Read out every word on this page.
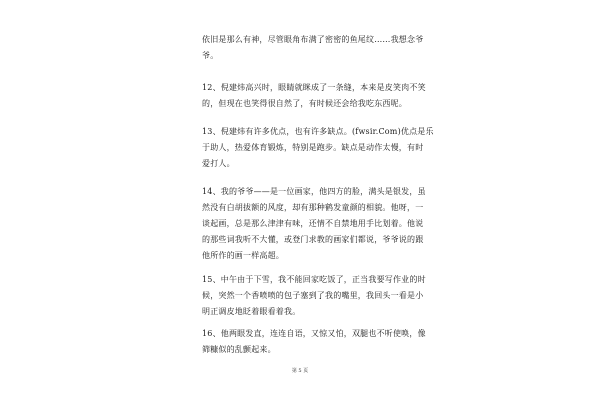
依旧是那么有神，尽管眼角布满了密密的鱼尾纹……我想念爷
爷。
12、倪建炜高兴时，眼睛就眯成了一条缝，本来是皮笑肉不笑
的，但现在也笑得很自然了，有时候还会给我吃东西呢。
13、倪建炜有许多优点，也有许多缺点。(fwsir.Com)优点是乐
于助人，热爱体育锻炼，特别是跑步。缺点是动作太慢，有时
爱打人。
14、我的爷爷——是一位画家，他四方的脸，满头是银发，虽
然没有白胡拔额的风度，却有那种鹤发童颜的相貌。他呀，一
谈起画，总是那么津津有味，还情不自禁地用手比划着。他说
的那些词我听不大懂，或登门求教的画家们都说，爷爷说的跟
他所作的画一样高超。
15、中午由于下雪，我不能回家吃饭了，正当我要写作业的时
候，突然一个香喷喷的包子塞到了我的嘴里，我回头一看是小
明正调皮地眨着眼看着我。
16、他两眼发直，连连自语，又惊又怕，双腿也不听使唤，像
筛糠似的乱颤起来。
第 5 页
